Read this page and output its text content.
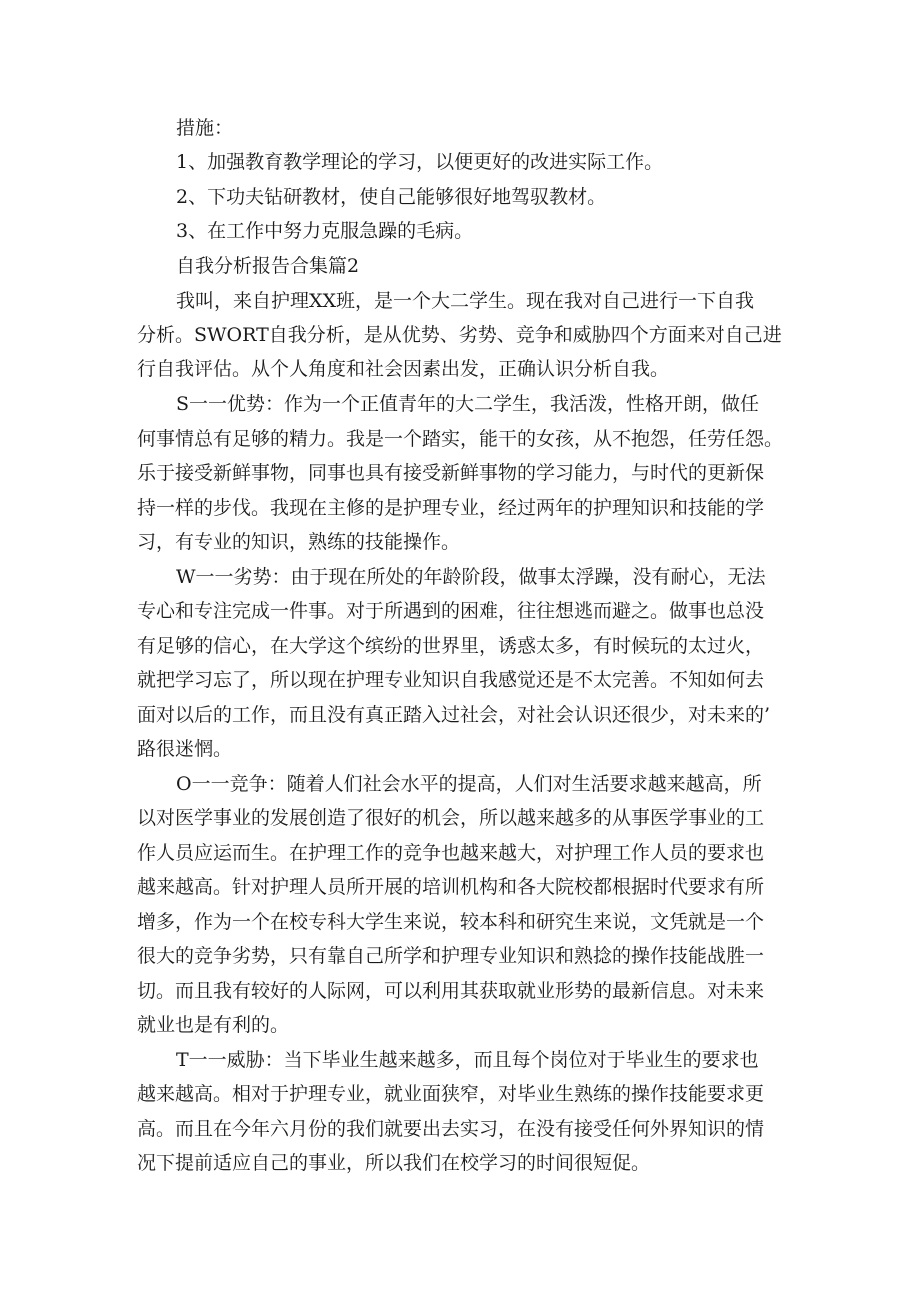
措施：
1、加强教育教学理论的学习，以便更好的改进实际工作。
2、下功夫钻研教材，使自己能够很好地驾驭教材。
3、在工作中努力克服急躁的毛病。
自我分析报告合集篇2
我叫，来自护理XX班，是一个大二学生。现在我对自己进行一下自我
分析。SWORT自我分析，是从优势、劣势、竞争和威胁四个方面来对自己进
行自我评估。从个人角度和社会因素出发，正确认识分析自我。
S一一优势：作为一个正值青年的大二学生，我活泼，性格开朗，做任
何事情总有足够的精力。我是一个踏实，能干的女孩，从不抱怨，任劳任怨。
乐于接受新鲜事物，同事也具有接受新鲜事物的学习能力，与时代的更新保
持一样的步伐。我现在主修的是护理专业，经过两年的护理知识和技能的学
习，有专业的知识，熟练的技能操作。
W一一劣势：由于现在所处的年龄阶段，做事太浮躁，没有耐心，无法
专心和专注完成一件事。对于所遇到的困难，往往想逃而避之。做事也总没
有足够的信心，在大学这个缤纷的世界里，诱惑太多，有时候玩的太过火，
就把学习忘了，所以现在护理专业知识自我感觉还是不太完善。不知如何去
面对以后的工作，而且没有真正踏入过社会，对社会认识还很少，对未来的’
路很迷惘。
O一一竞争：随着人们社会水平的提高，人们对生活要求越来越高，所
以对医学事业的发展创造了很好的机会，所以越来越多的从事医学事业的工
作人员应运而生。在护理工作的竞争也越来越大，对护理工作人员的要求也
越来越高。针对护理人员所开展的培训机构和各大院校都根据时代要求有所
增多，作为一个在校专科大学生来说，较本科和研究生来说，文凭就是一个
很大的竞争劣势，只有靠自己所学和护理专业知识和熟捻的操作技能战胜一
切。而且我有较好的人际网，可以利用其获取就业形势的最新信息。对未来
就业也是有利的。
T一一威胁：当下毕业生越来越多，而且每个岗位对于毕业生的要求也
越来越高。相对于护理专业，就业面狭窄，对毕业生熟练的操作技能要求更
高。而且在今年六月份的我们就要出去实习，在没有接受任何外界知识的情
况下提前适应自己的事业，所以我们在校学习的时间很短促。
